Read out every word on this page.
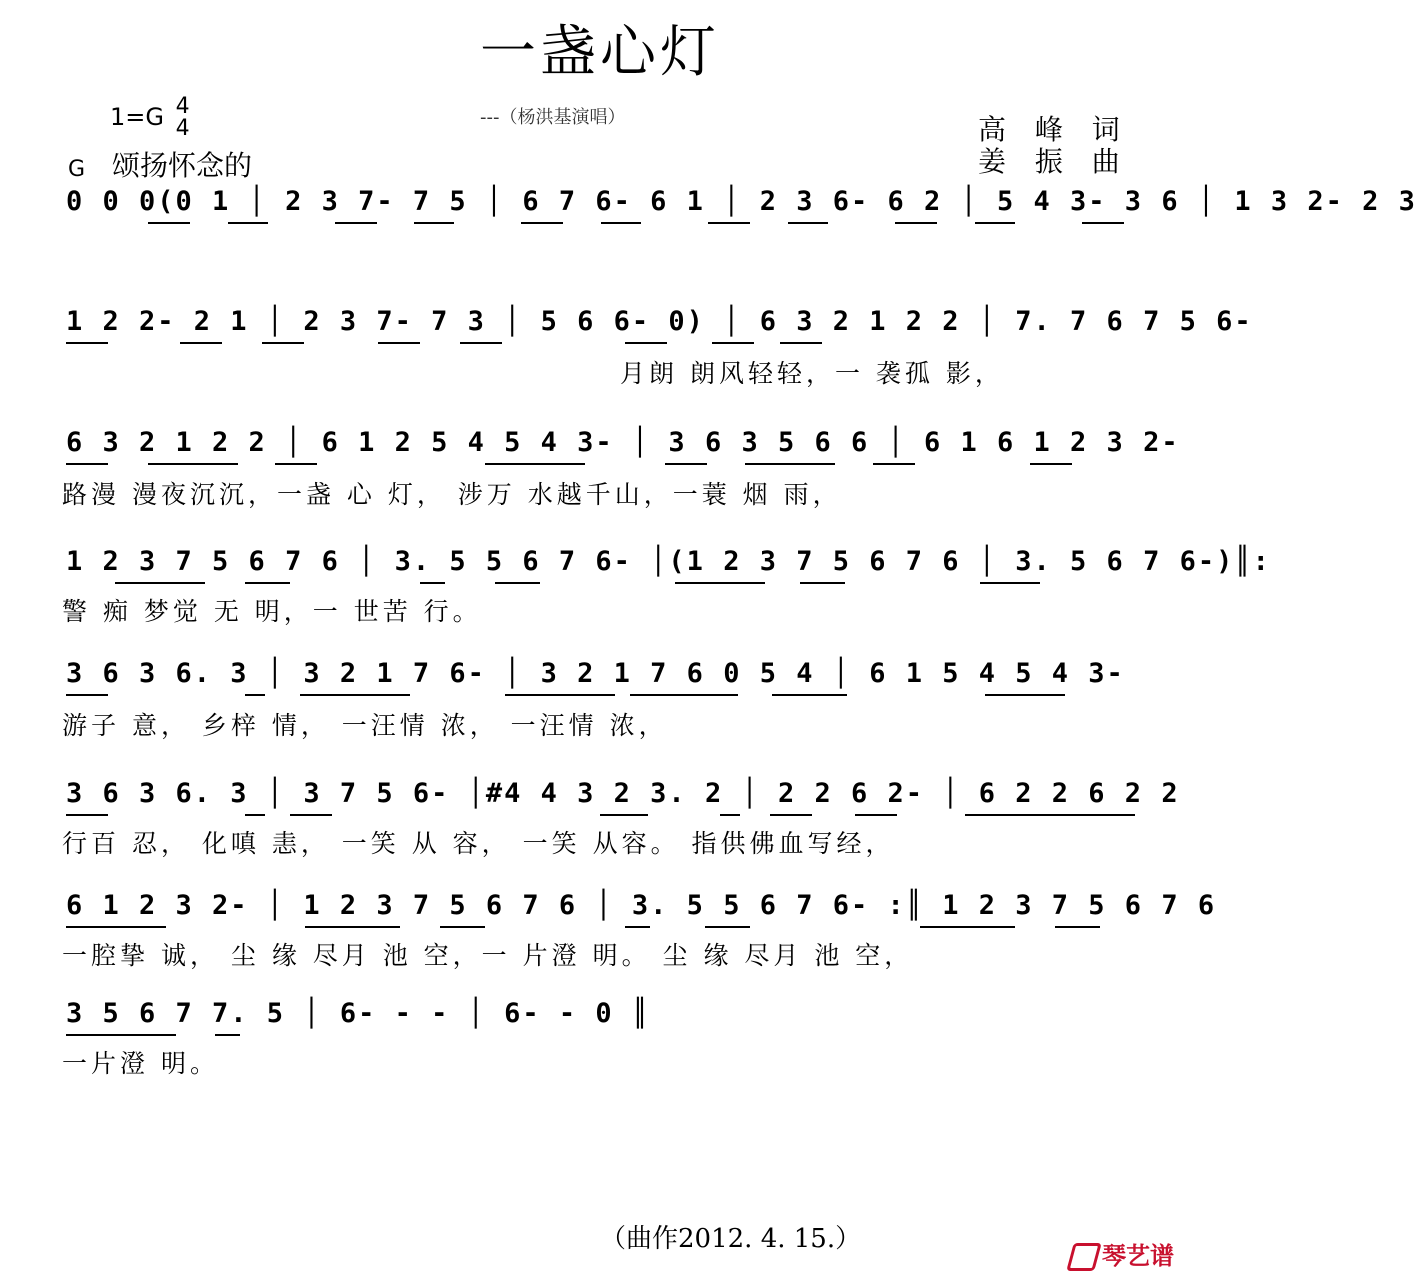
一盏心灯
1=G 4
4	---（杨洪基演唱）	高 峰 词
姜 振 曲
G 颂扬怀念的
0 0 0(0 1 │ 2 3 7- 7 5 │ 6 7 6- 6 1 │ 2 3 6- 6 2 │ 5 4 3- 3 6 │ 1 3 2- 2 3
1 2 2- 2 1 │ 2 3 7- 7 3 │ 5 6 6- 0) │ 6 3 2 1 2 2 │ 7. 7 6 7 5 6-
月朗 朗风轻轻，一 袭孤 影，
6 3 2 1 2 2 │ 6 1 2 5 4 5 4 3- │ 3 6 3 5 6 6 │ 6 1 6 1 2 3 2-
路漫 漫夜沉沉，一盏 心 灯， 涉万 水越千山，一蓑 烟 雨，
1 2 3 7 5 6 7 6 │ 3. 5 5 6 7 6- │(1 2 3 7 5 6 7 6 │ 3. 5 6 7 6-)║:
警 痴 梦觉 无 明，一 世苦 行。
3 6 3 6. 3 │ 3 2 1 7 6- │ 3 2 1 7 6 0 5 4 │ 6 1 5 4 5 4 3-
游子 意， 乡梓 情， 一汪情 浓， 一汪情 浓，
3 6 3 6. 3 │ 3 7 5 6- │#4 4 3 2 3. 2 │ 2 2 6 2- │ 6 2 2 6 2 2
行百 忍， 化嗔 恚， 一笑 从 容， 一笑 从容。 指供佛血写经，
6 1 2 3 2- │ 1 2 3 7 5 6 7 6 │ 3. 5 5 6 7 6- :║ 1 2 3 7 5 6 7 6
一腔挚 诚， 尘 缘 尽月 池 空，一 片澄 明。 尘 缘 尽月 池 空，
3 5 6 7 7. 5 │ 6- - - │ 6- - 0 ║
一片澄 明。
（曲作2012. 4. 15.）
琴艺谱
